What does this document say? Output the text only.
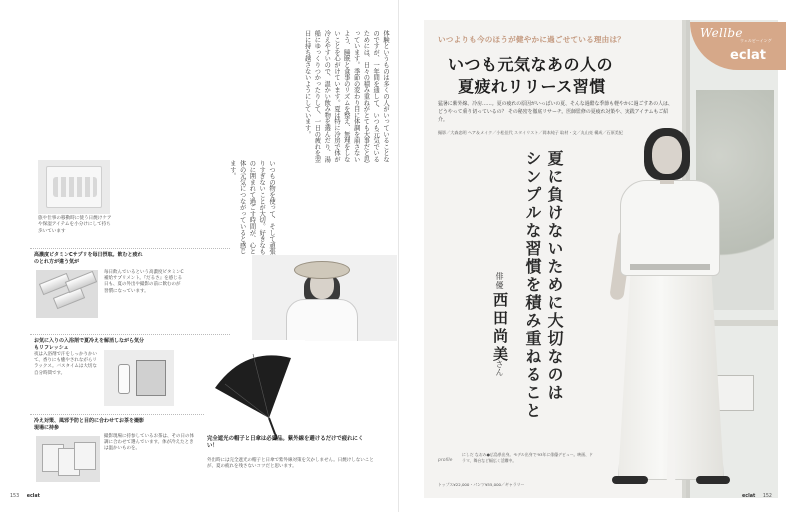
体験というものは多くの人がいっていることなのですが、一年間を通して、いつも元気でいるためには、日々の積み重ねがとても大事だと思っています。季節の変わり目に体調を崩さないよう、睡眠と食事のリズムを整え、無理をしないことを心がけています。夏は特に冷房で体が冷えやすいので、温かい飲み物を選んだり、湯船にゆっくりつかったりして、一日の疲れを翌日に持ち越さないようにしています。
旅や仕事の移動時に使う日焼けケアや保湿アイテムを小分けにして持ち歩いています	いつもの物を使って、そして頑張りすぎないことが大切。好きなものに囲まれて過ごす時間が、心と体の元気につながっていると感じます。
高濃度ビタミンCサプリを毎日摂取。飲むと疲れのとれ方が違う気が
毎日飲んでいるという高濃度ビタミンC補給サプリメント。『だるさ』を感じる日も、夏の外出や撮影の前に飲むのが習慣になっています。
お気に入りの入浴剤で夏冷えを解消しながら気分もリフレッシュ
夜は入浴剤で汗をしっかりかいて、香りにも癒やされながらリラックス。バスタイムは大切な自分時間です。
冷え対策、風邪予防と目的に合わせてお茶を撮影現場に持参
撮影現場に持参しているお茶は、その日の体調に合わせて選んでいます。体が冷えたときは温かいものを。
完全遮光の帽子と日傘は必需品。紫外線を避けるだけで疲れにくい！
外出時には完全遮光の帽子と日傘で紫外線対策を欠かしません。日焼けしないことが、夏の疲れを残さないコツだと思います。
153 eclat
Wellbe
ウェルビーイング
eclat
いつよりも今のほうが健やかに過ごせている理由は？
いつも元気なあの人の
夏疲れリリース習慣
猛暑に紫外線、冷房……。夏の疲れの原因がいっぱいの夏、そんな過酷な季節も軽やかに過ごすあの人は、どうやって乗り切っているの？ その秘密を徹底リサーチ。医師監修の夏疲れ対策や、実践アイテムもご紹介。
撮影／大森忠明 ヘア＆メイク／小松佳代 スタイリスト／岡本純子 取材・文／丸山亮 構成／石原美紀
夏に負けないために大切なのは
シンプルな習慣を積み重ねること
俳優
西田尚美
さん
profile
にしだ なおみ●広島県出身。モデル出身で'93年に俳優デビュー。映画、ドラマ、舞台など幅広く活躍中。
トップス¥22,000・パンツ¥55,000／ギャラリー
eclat 152
